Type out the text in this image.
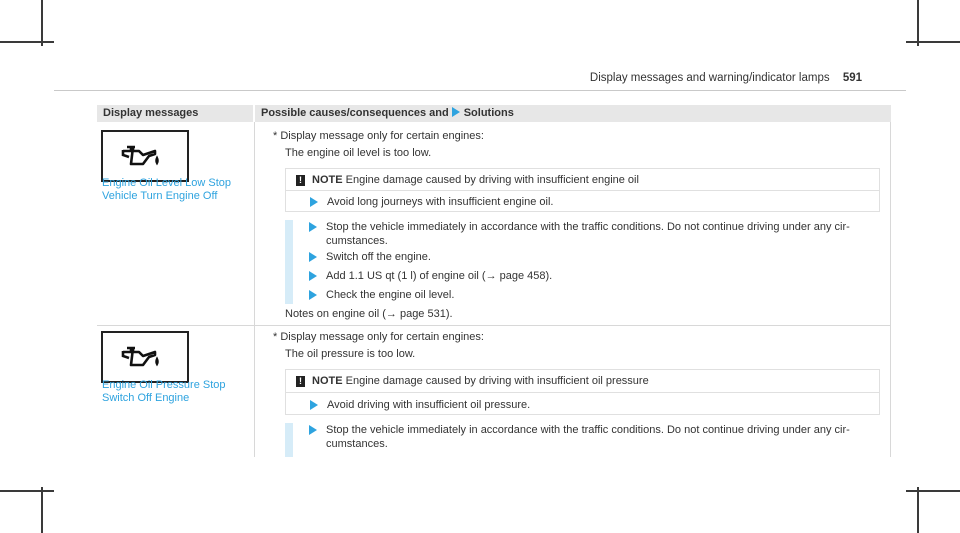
Display messages and warning/indicator lamps 591
Display messages	Possible causes/consequences and Solutions
Engine Oil Level Low Stop
Vehicle Turn Engine Off
* Display message only for certain engines:
The engine oil level is too low.
! NOTE Engine damage caused by driving with insufficient engine oil
Avoid long journeys with insufficient engine oil.
Stop the vehicle immediately in accordance with the traffic conditions. Do not continue driving under any cir-
cumstances.
Switch off the engine.
Add 1.1 US qt (1 l) of engine oil (→ page 458).
Check the engine oil level.
Notes on engine oil (→ page 531).
Engine Oil Pressure Stop
Switch Off Engine
* Display message only for certain engines:
The oil pressure is too low.
! NOTE Engine damage caused by driving with insufficient oil pressure
Avoid driving with insufficient oil pressure.
Stop the vehicle immediately in accordance with the traffic conditions. Do not continue driving under any cir-
cumstances.
